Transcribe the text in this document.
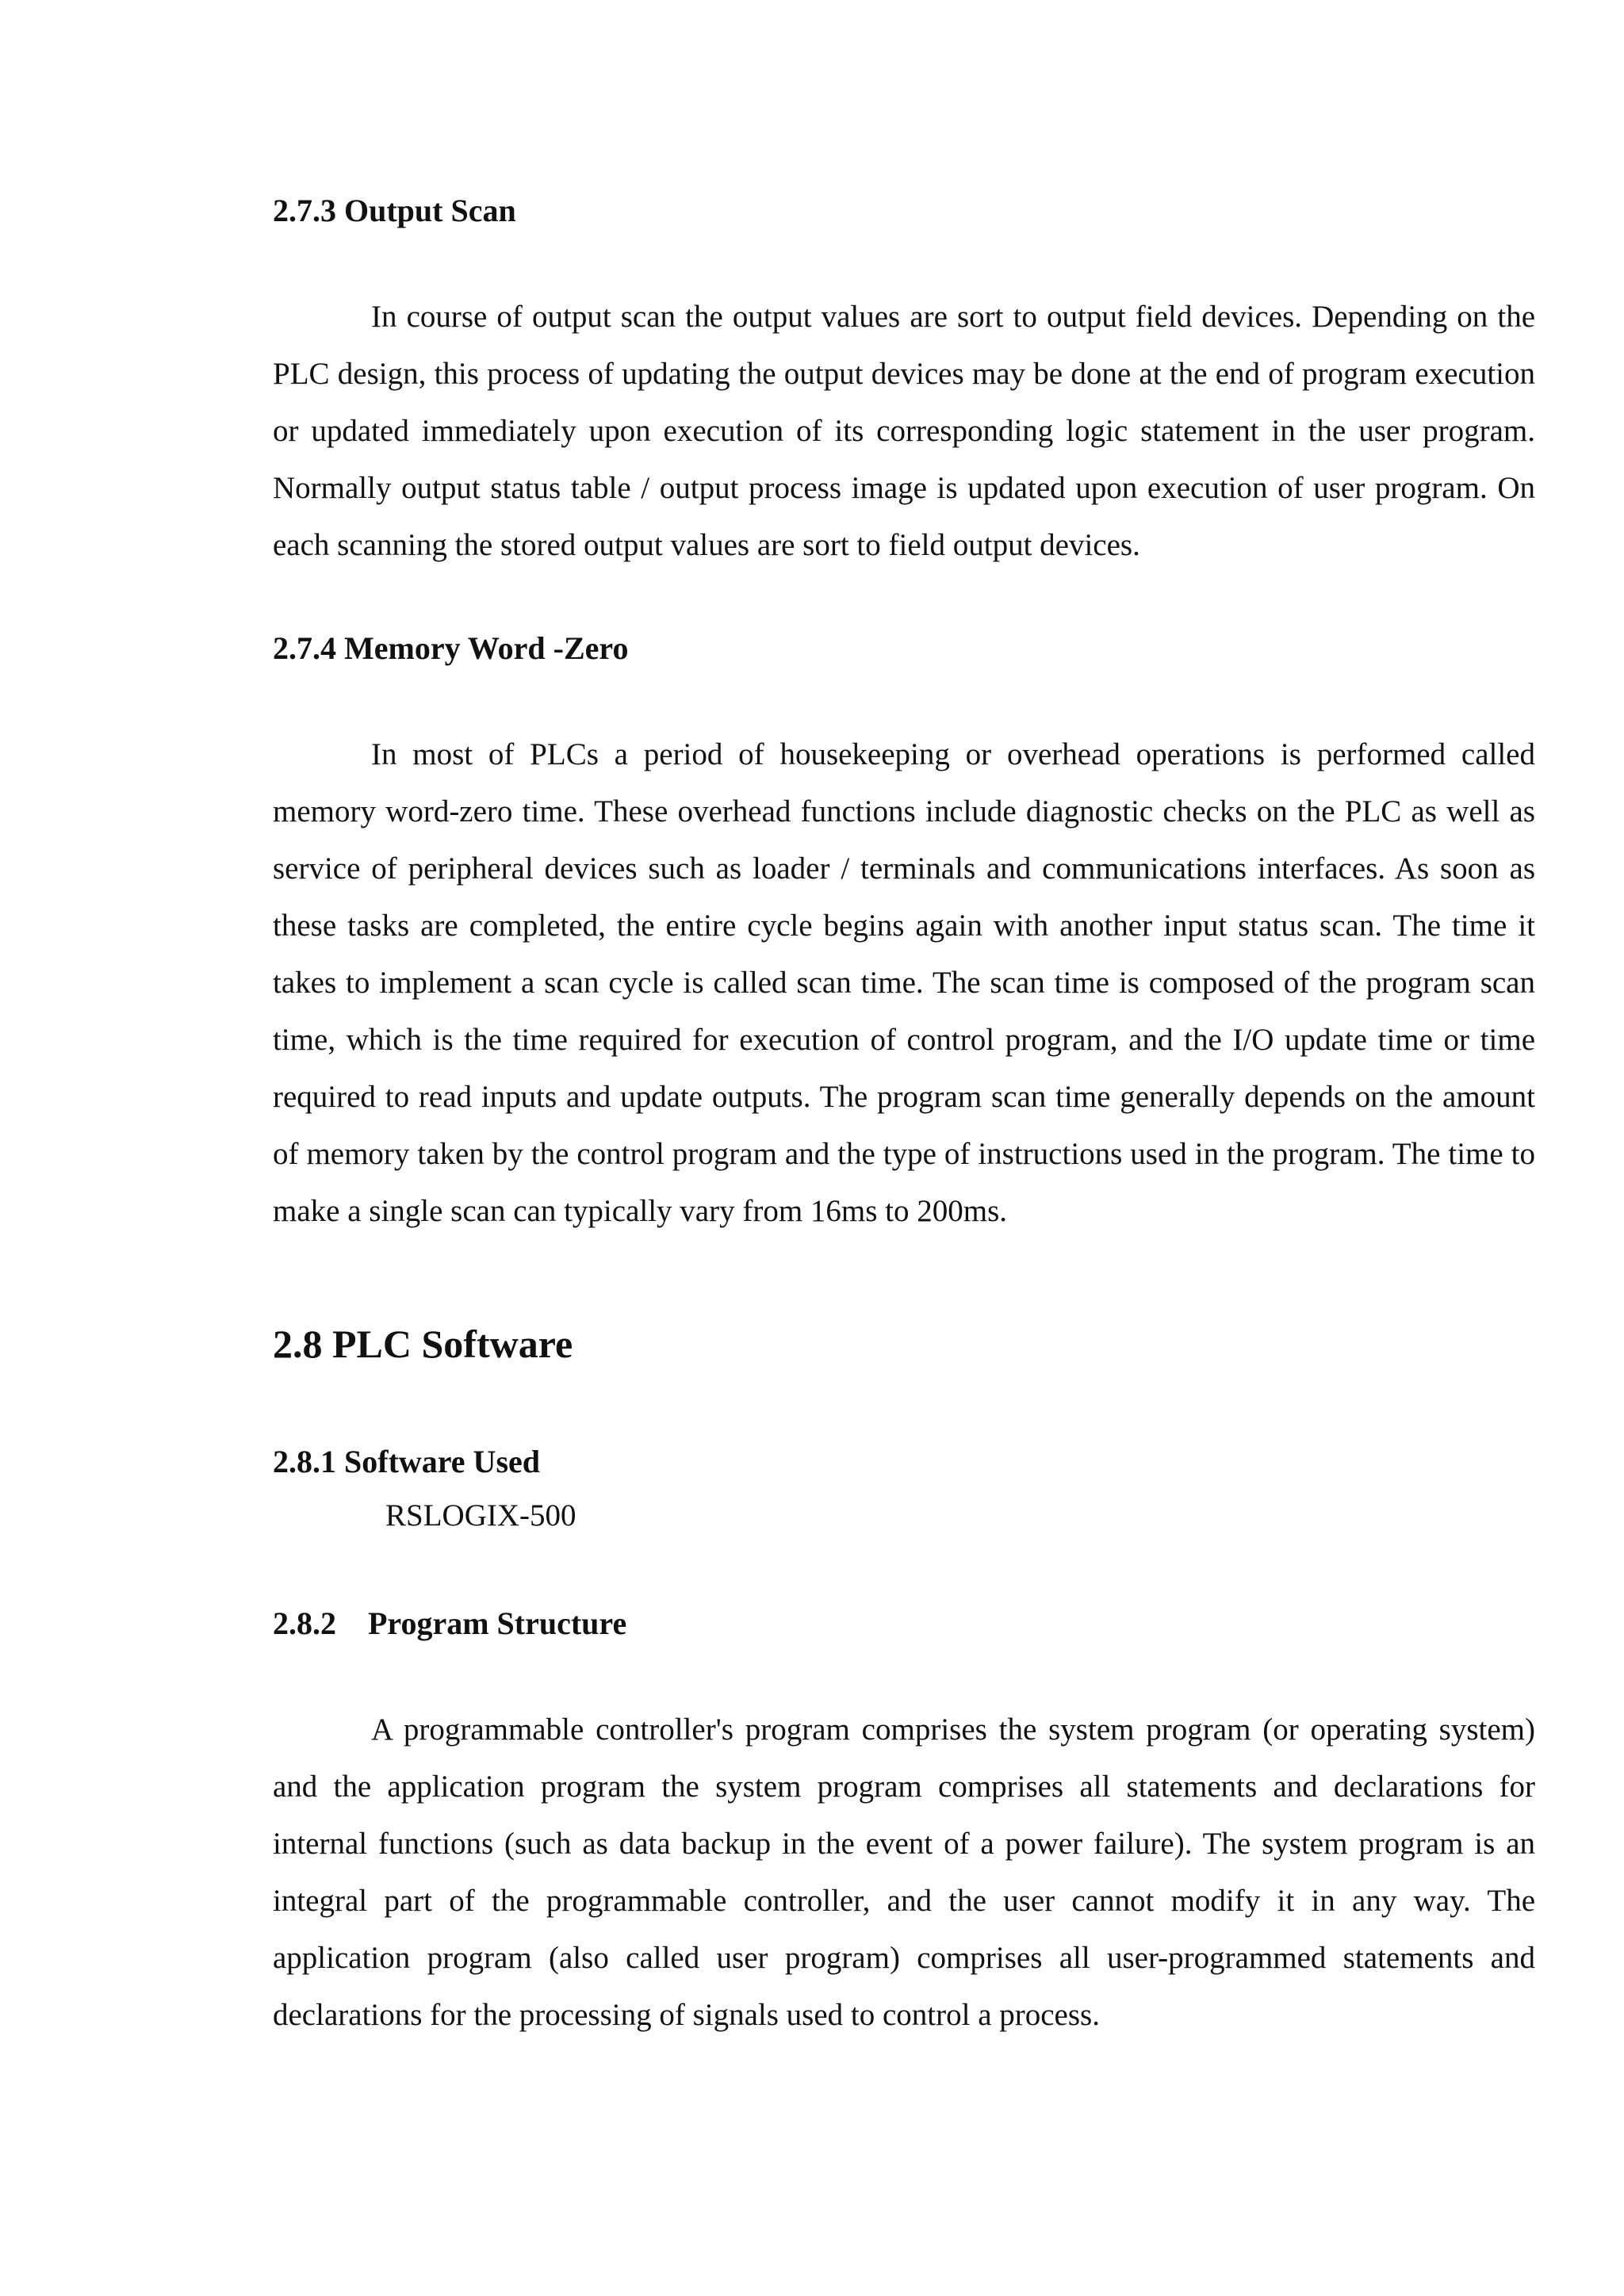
2.7.3 Output Scan

In course of output scan the output values are sort to output field devices. Depending on the PLC design, this process of updating the output devices may be done at the end of program execution or updated immediately upon execution of its corresponding logic statement in the user program. Normally output status table / output process image is updated upon execution of user program. On each scanning the stored output values are sort to field output devices.

2.7.4 Memory Word -Zero

In most of PLCs a period of housekeeping or overhead operations is performed called memory word-zero time. These overhead functions include diagnostic checks on the PLC as well as service of peripheral devices such as loader / terminals and communications interfaces. As soon as these tasks are completed, the entire cycle begins again with another input status scan. The time it takes to implement a scan cycle is called scan time. The scan time is composed of the program scan time, which is the time required for execution of control program, and the I/O update time or time required to read inputs and update outputs. The program scan time generally depends on the amount of memory taken by the control program and the type of instructions used in the program. The time to make a single scan can typically vary from 16ms to 200ms.

2.8 PLC Software

2.8.1 Software Used

RSLOGIX-500

2.8.2    Program Structure

A programmable controller's program comprises the system program (or operating system) and the application program the system program comprises all statements and declarations for internal functions (such as data backup in the event of a power failure). The system program is an integral part of the programmable controller, and the user cannot modify it in any way. The application program (also called user program) comprises all user-programmed statements and declarations for the processing of signals used to control a process.
